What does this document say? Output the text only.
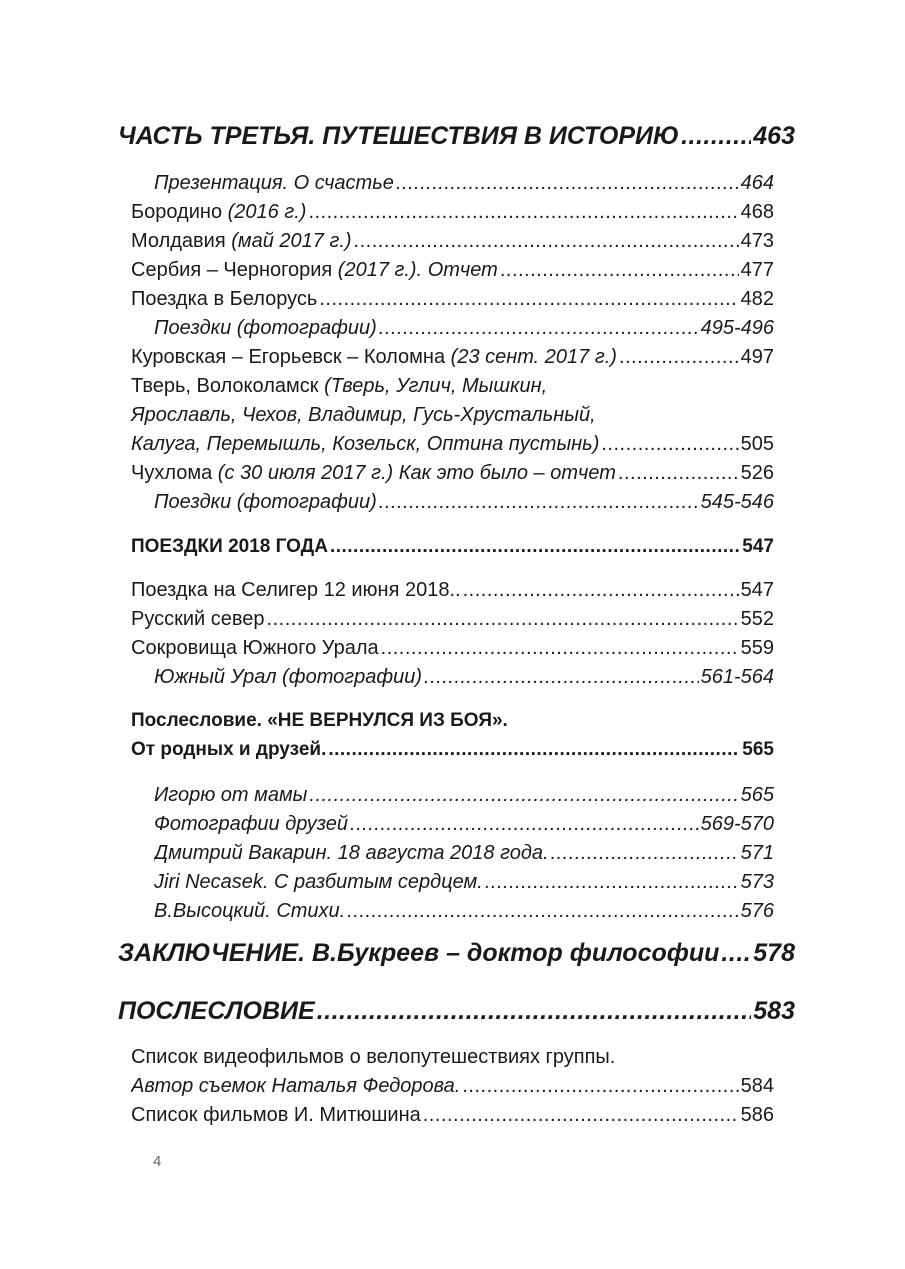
ЧАСТЬ ТРЕТЬЯ. ПУТЕШЕСТВИЯ В ИСТОРИЮ .....	463
Презентация. О счастье .....	464
Бородино (2016 г.) .....	468
Молдавия (май 2017 г.) .....	473
Сербия – Черногория (2017 г.). Отчет .....	477
Поездка в Белорусь .....	482
Поездки (фотографии) .....	495-496
Куровская – Егорьевск – Коломна (23 сент. 2017 г.) .....	497
Тверь, Волоколамск (Тверь, Углич, Мышкин,
Ярославль, Чехов, Владимир, Гусь-Хрустальный,
Калуга, Перемышль, Козельск, Оптина пустынь) .....	505
Чухлома (с 30 июля 2017 г.) Как это было – отчет .....	526
Поездки (фотографии) .....	545-546
ПОЕЗДКИ 2018 ГОДА .....	547
Поездка на Селигер 12 июня 2018.. .....	547
Русский север .....	552
Сокровища Южного Урала .....	559
Южный Урал (фотографии) .....	561-564
Послесловие. «НЕ ВЕРНУЛСЯ ИЗ БОЯ».
От родных и друзей. .....	565
Игорю от мамы .....	565
Фотографии друзей .....	569-570
Дмитрий Вакарин. 18 августа 2018 года. .....	571
Jiri Necasek. С разбитым сердцем. .....	573
В.Высоцкий. Стихи. .....	576
ЗАКЛЮЧЕНИЕ. В.Букреев – доктор философии ..... 578
ПОСЛЕСЛОВИЕ .....	583
Список видеофильмов о велопутешествиях группы.
Автор съемок Наталья Федорова. .....	584
Список фильмов И. Митюшина .....	586
4
